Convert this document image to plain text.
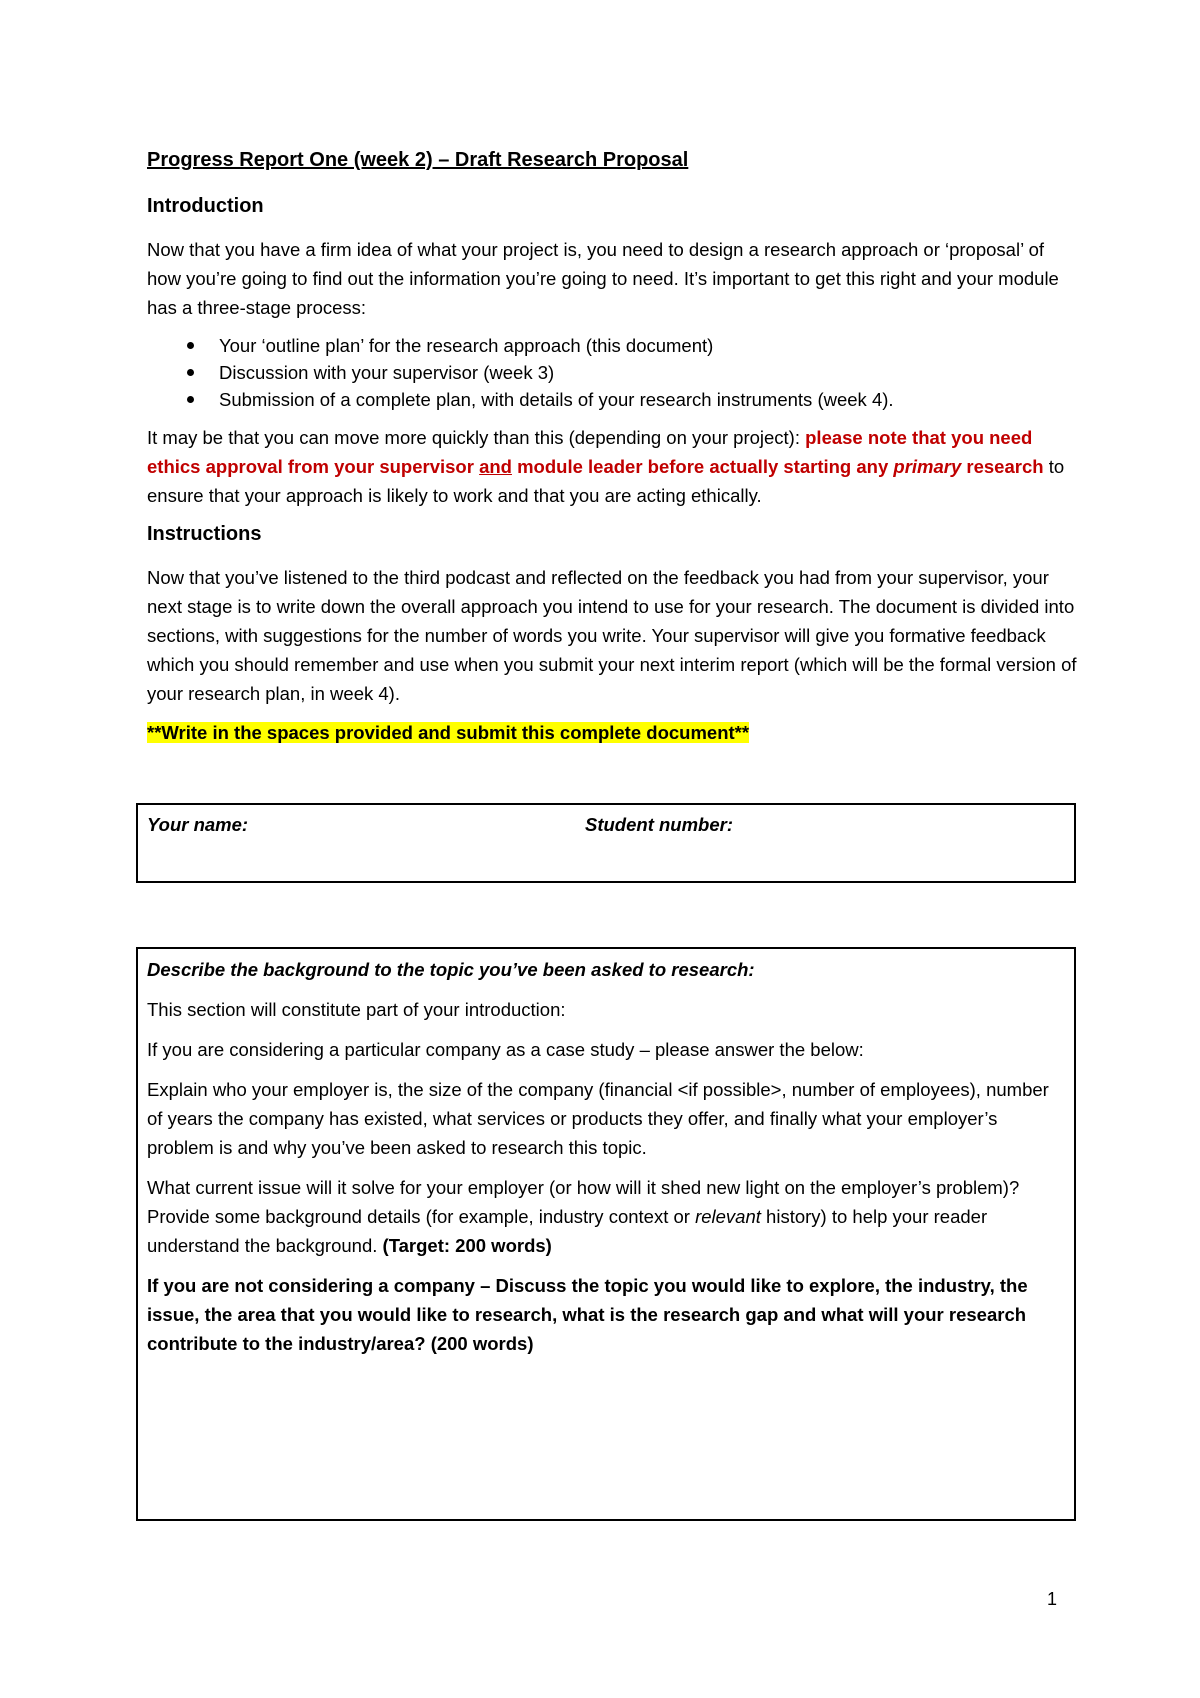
Progress Report One (week 2) – Draft Research Proposal

Introduction

Now that you have a firm idea of what your project is, you need to design a research approach or ‘proposal’ of how you’re going to find out the information you’re going to need. It’s important to get this right and your module has a three-stage process:

Your ‘outline plan’ for the research approach (this document)
Discussion with your supervisor (week 3)
Submission of a complete plan, with details of your research instruments (week 4).

It may be that you can move more quickly than this (depending on your project): please note that you need ethics approval from your supervisor and module leader before actually starting any primary research to ensure that your approach is likely to work and that you are acting ethically.

Instructions

Now that you’ve listened to the third podcast and reflected on the feedback you had from your supervisor, your next stage is to write down the overall approach you intend to use for your research. The document is divided into sections, with suggestions for the number of words you write. Your supervisor will give you formative feedback which you should remember and use when you submit your next interim report (which will be the formal version of your research plan, in week 4).

**Write in the spaces provided and submit this complete document**

Your name:	Student number:

Describe the background to the topic you’ve been asked to research:

This section will constitute part of your introduction:

If you are considering a particular company as a case study – please answer the below:

Explain who your employer is, the size of the company (financial <if possible>, number of employees), number of years the company has existed, what services or products they offer, and finally what your employer’s problem is and why you’ve been asked to research this topic.

What current issue will it solve for your employer (or how will it shed new light on the employer’s problem)? Provide some background details (for example, industry context or relevant history) to help your reader understand the background. (Target: 200 words)

If you are not considering a company – Discuss the topic you would like to explore, the industry, the issue, the area that you would like to research, what is the research gap and what will your research contribute to the industry/area? (200 words)

1
